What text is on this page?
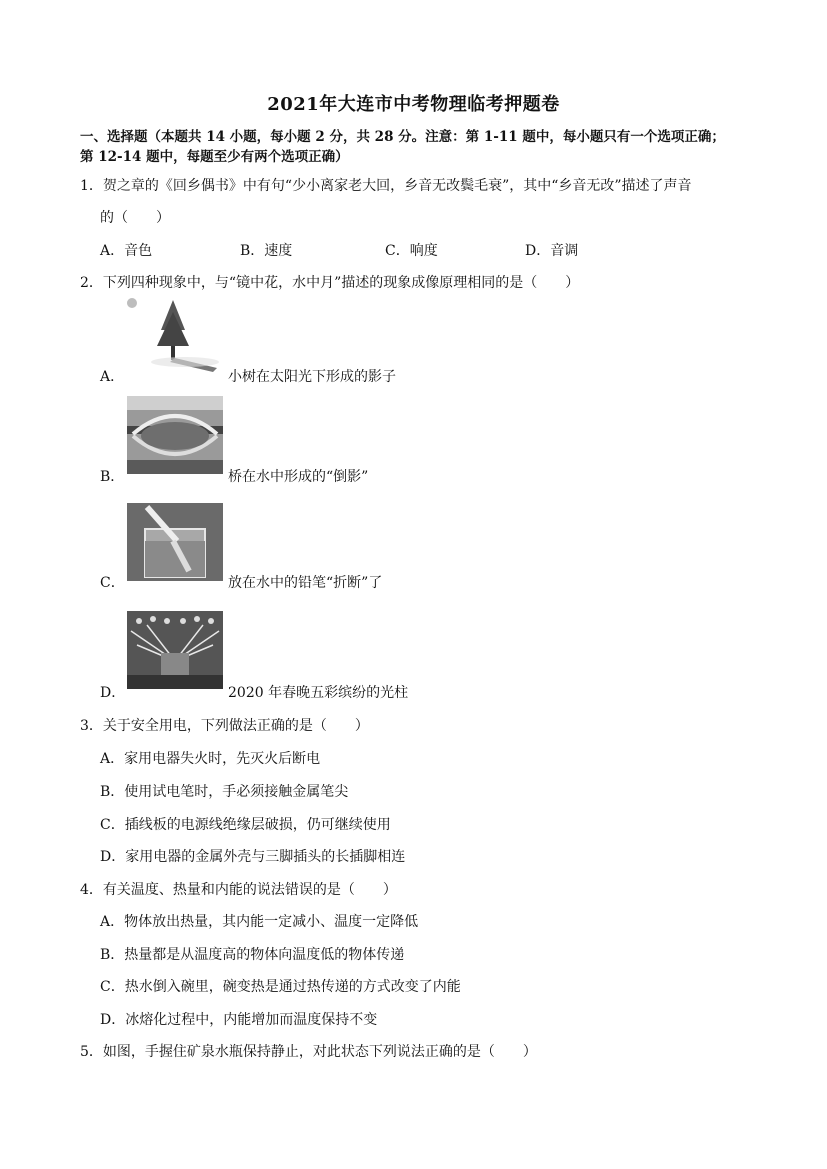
2021年大连市中考物理临考押题卷
一、选择题（本题共 14 小题，每小题 2 分，共 28 分。注意：第 1-11 题中，每小题只有一个选项正确；
第 12-14 题中，每题至少有两个选项正确）
1．贺之章的《回乡偶书》中有句“少小离家老大回，乡音无改鬓毛衰”，其中“乡音无改”描述了声音
的（　　）
A．音色	B．速度	C．响度	D．音调
2．下列四种现象中，与“镜中花，水中月”描述的现象成像原理相同的是（　　）
A．	小树在太阳光下形成的影子
B．	桥在水中形成的“倒影”
C．	放在水中的铅笔“折断”了
D．	2020 年春晚五彩缤纷的光柱
3．关于安全用电，下列做法正确的是（　　）
A．家用电器失火时，先灭火后断电
B．使用试电笔时，手必须接触金属笔尖
C．插线板的电源线绝缘层破损，仍可继续使用
D．家用电器的金属外壳与三脚插头的长插脚相连
4．有关温度、热量和内能的说法错误的是（　　）
A．物体放出热量，其内能一定减小、温度一定降低
B．热量都是从温度高的物体向温度低的物体传递
C．热水倒入碗里，碗变热是通过热传递的方式改变了内能
D．冰熔化过程中，内能增加而温度保持不变
5．如图，手握住矿泉水瓶保持静止，对此状态下列说法正确的是（　　）
